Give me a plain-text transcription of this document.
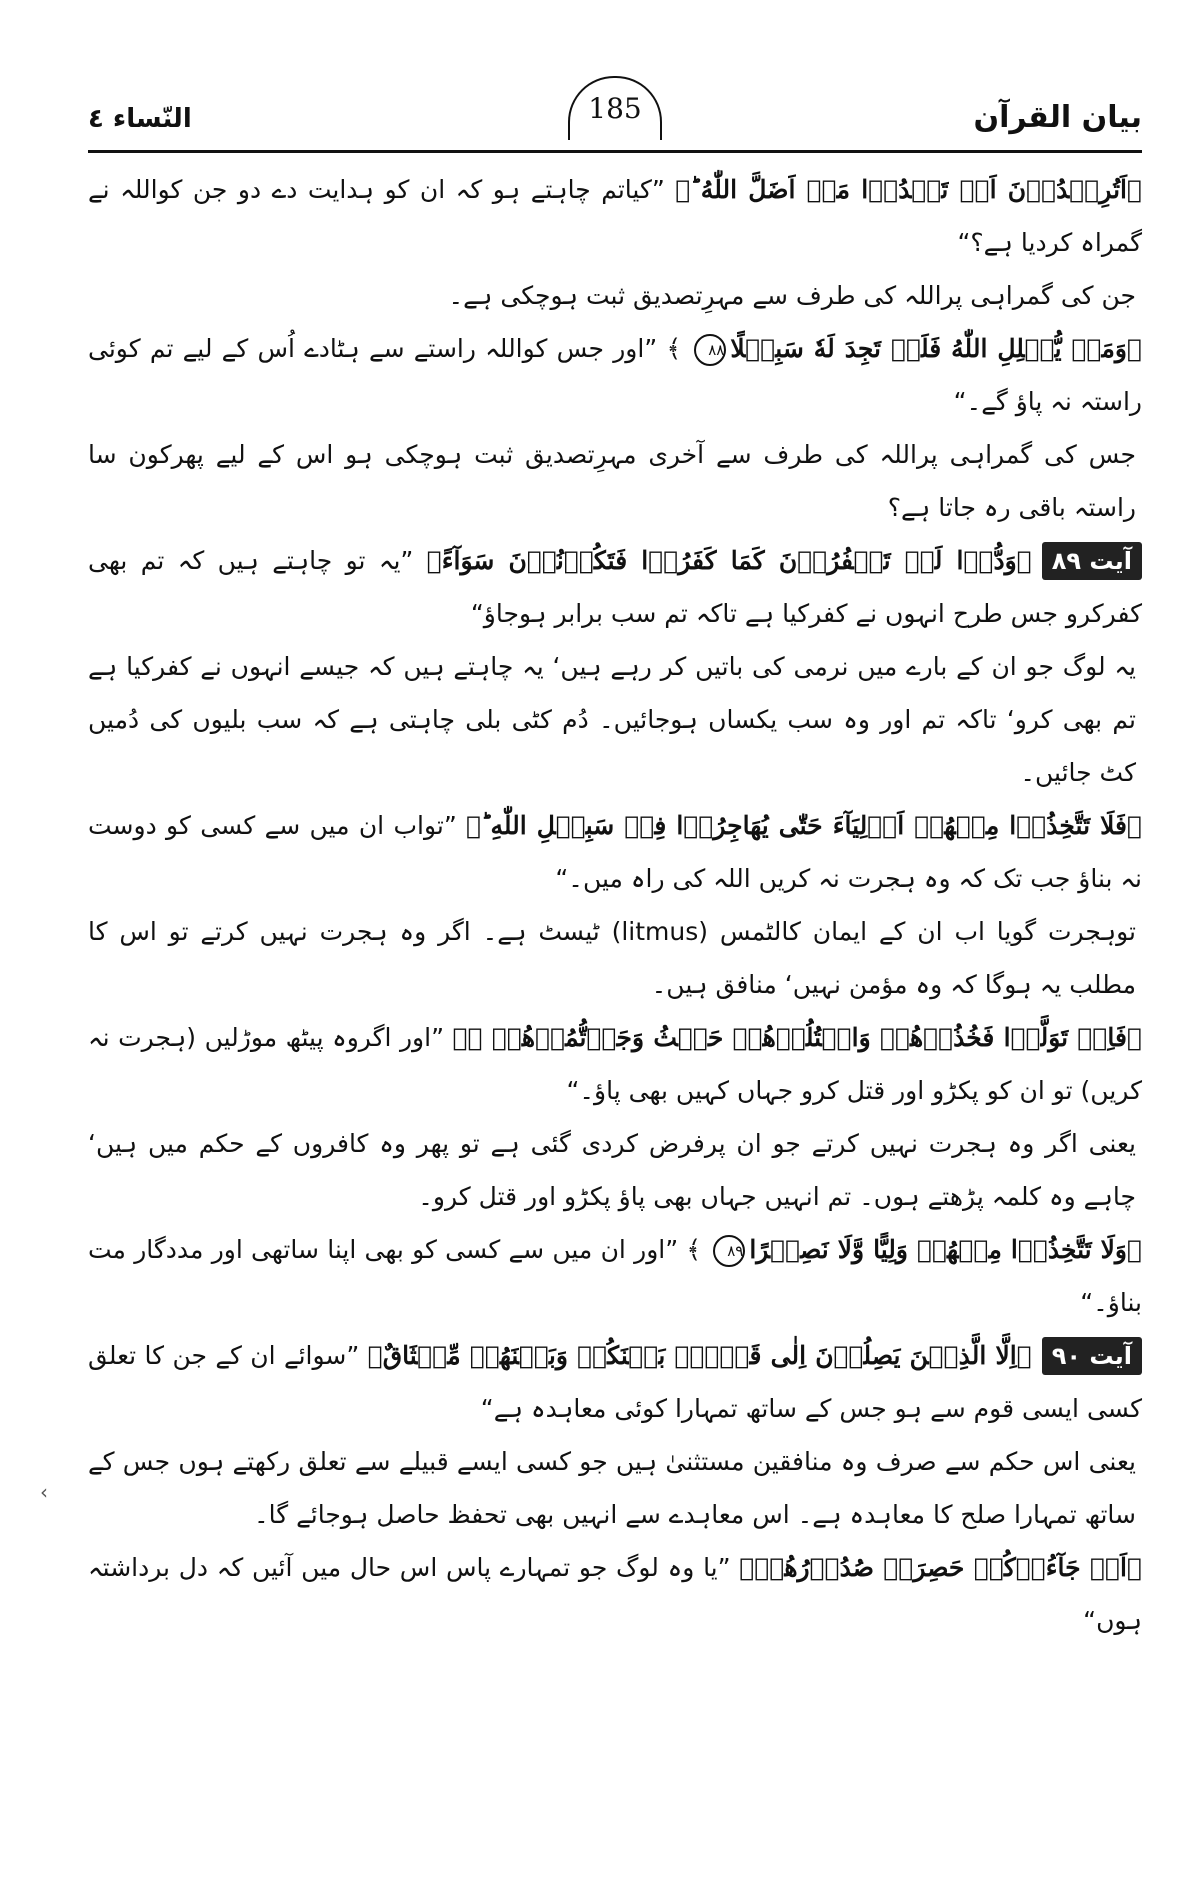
بیان القرآن
185
النّساء ٤

﴿اَتُرِيۡدُوۡنَ اَنۡ تَهۡدُوۡا مَنۡ اَضَلَّ اللّٰهُ ؕ﴾ ”کیاتم چاہتے ہو کہ ان کو ہدایت دے دو جن کواللہ نے گمراہ کردیا ہے؟“

جن کی گمراہی پراللہ کی طرف سے مہرِتصدیق ثبت ہوچکی ہے۔

﴿وَمَنۡ يُّضۡلِلِ اللّٰهُ فَلَنۡ تَجِدَ لَهٗ سَبِيۡلًا٨٨ ﴾ ”اور جس کواللہ راستے سے ہٹادے اُس کے لیے تم کوئی راستہ نہ پاؤ گے۔“

جس کی گمراہی پراللہ کی طرف سے آخری مہرِتصدیق ثبت ہوچکی ہو اس کے لیے پھرکون سا راستہ باقی رہ جاتا ہے؟

آیت ۸۹﴿وَدُّوۡا لَوۡ تَكۡفُرُوۡنَ كَمَا كَفَرُوۡا فَتَكُوۡنُوۡنَ سَوَآءً﴾ ”یہ تو چاہتے ہیں کہ تم بھی کفرکرو جس طرح انہوں نے کفرکیا ہے تاکہ تم سب برابر ہوجاؤ“

یہ لوگ جو ان کے بارے میں نرمی کی باتیں کر رہے ہیں‘ یہ چاہتے ہیں کہ جیسے انہوں نے کفرکیا ہے تم بھی کرو‘ تاکہ تم اور وہ سب یکساں ہوجائیں۔ دُم کٹی بلی چاہتی ہے کہ سب بلیوں کی دُمیں کٹ جائیں۔

﴿فَلَا تَتَّخِذُوۡا مِنۡهُمۡ اَوۡلِيَآءَ حَتّٰى يُهَاجِرُوۡا فِىۡ سَبِيۡلِ اللّٰهِ ؕ﴾ ”تواب ان میں سے کسی کو دوست نہ بناؤ جب تک کہ وہ ہجرت نہ کریں اللہ کی راہ میں۔“

توہجرت گویا اب ان کے ایمان کالٹمس (litmus) ٹیسٹ ہے۔ اگر وہ ہجرت نہیں کرتے تو اس کا مطلب یہ ہوگا کہ وہ مؤمن نہیں‘ منافق ہیں۔

﴿فَاِنۡ تَوَلَّوۡا فَخُذُوۡهُمۡ وَاقۡتُلُوۡهُمۡ حَيۡثُ وَجَدۡتُّمُوۡهُمۡ ۖ﴾ ”اور اگروہ پیٹھ موڑلیں (ہجرت نہ کریں) تو ان کو پکڑو اور قتل کرو جہاں کہیں بھی پاؤ۔“

یعنی اگر وہ ہجرت نہیں کرتے جو ان پرفرض کردی گئی ہے تو پھر وہ کافروں کے حکم میں ہیں‘ چاہے وہ کلمہ پڑھتے ہوں۔ تم انہیں جہاں بھی پاؤ پکڑو اور قتل کرو۔

﴿وَلَا تَتَّخِذُوۡا مِنۡهُمۡ وَلِيًّا وَّلَا نَصِيۡرًا٨٩ ﴾ ”اور ان میں سے کسی کو بھی اپنا ساتھی اور مددگار مت بناؤ۔“

آیت ۹۰﴿اِلَّا الَّذِيۡنَ يَصِلُوۡنَ اِلٰى قَوۡمٍۢ بَيۡنَكُمۡ وَبَيۡنَهُمۡ مِّيۡثَاقٌ﴾ ”سوائے ان کے جن کا تعلق کسی ایسی قوم سے ہو جس کے ساتھ تمہارا کوئی معاہدہ ہے“

یعنی اس حکم سے صرف وہ منافقین مستثنیٰ ہیں جو کسی ایسے قبیلے سے تعلق رکھتے ہوں جس کے ساتھ تمہارا صلح کا معاہدہ ہے۔ اس معاہدے سے انہیں بھی تحفظ حاصل ہوجائے گا۔

﴿اَوۡ جَآءُوۡكُمۡ حَصِرَتۡ صُدُوۡرُهُمۡ﴾ ”یا وہ لوگ جو تمہارے پاس اس حال میں آئیں کہ دل برداشتہ ہوں“

‹
